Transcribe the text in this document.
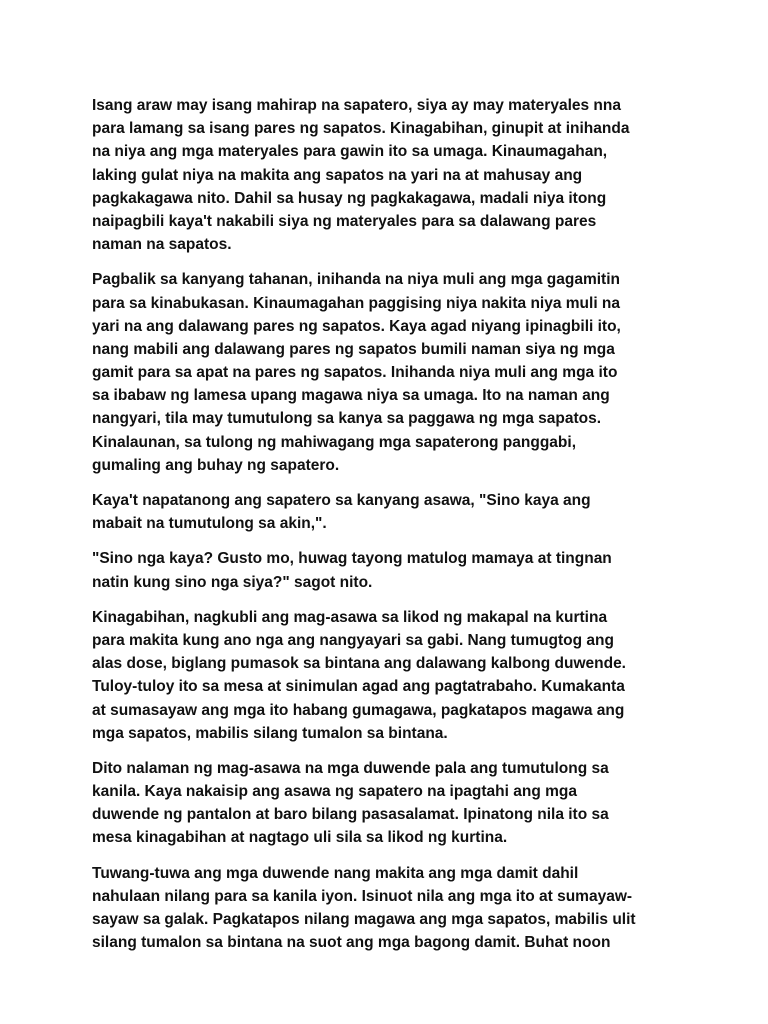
Isang araw may isang mahirap na sapatero, siya ay may materyales nna
para lamang sa isang pares ng sapatos. Kinagabihan, ginupit at inihanda
na niya ang mga materyales para gawin ito sa umaga. Kinaumagahan,
laking gulat niya na makita ang sapatos na yari na at mahusay ang
pagkakagawa nito. Dahil sa husay ng pagkakagawa, madali niya itong
naipagbili kaya't nakabili siya ng materyales para sa dalawang pares
naman na sapatos.

Pagbalik sa kanyang tahanan, inihanda na niya muli ang mga gagamitin
para sa kinabukasan. Kinaumagahan paggising niya nakita niya muli na
yari na ang dalawang pares ng sapatos. Kaya agad niyang ipinagbili ito,
nang mabili ang dalawang pares ng sapatos bumili naman siya ng mga
gamit para sa apat na pares ng sapatos. Inihanda niya muli ang mga ito
sa ibabaw ng lamesa upang magawa niya sa umaga. Ito na naman ang
nangyari, tila may tumutulong sa kanya sa paggawa ng mga sapatos.
Kinalaunan, sa tulong ng mahiwagang mga sapaterong panggabi,
gumaling ang buhay ng sapatero.

Kaya't napatanong ang sapatero sa kanyang asawa, "Sino kaya ang
mabait na tumutulong sa akin,".

"Sino nga kaya? Gusto mo, huwag tayong matulog mamaya at tingnan
natin kung sino nga siya?" sagot nito.

Kinagabihan, nagkubli ang mag-asawa sa likod ng makapal na kurtina
para makita kung ano nga ang nangyayari sa gabi. Nang tumugtog ang
alas dose, biglang pumasok sa bintana ang dalawang kalbong duwende.
Tuloy-tuloy ito sa mesa at sinimulan agad ang pagtatrabaho. Kumakanta
at sumasayaw ang mga ito habang gumagawa, pagkatapos magawa ang
mga sapatos, mabilis silang tumalon sa bintana.

Dito nalaman ng mag-asawa na mga duwende pala ang tumutulong sa
kanila. Kaya nakaisip ang asawa ng sapatero na ipagtahi ang mga
duwende ng pantalon at baro bilang pasasalamat. Ipinatong nila ito sa
mesa kinagabihan at nagtago uli sila sa likod ng kurtina.

Tuwang-tuwa ang mga duwende nang makita ang mga damit dahil
nahulaan nilang para sa kanila iyon. Isinuot nila ang mga ito at sumayaw-
sayaw sa galak. Pagkatapos nilang magawa ang mga sapatos, mabilis ulit
silang tumalon sa bintana na suot ang mga bagong damit. Buhat noon
